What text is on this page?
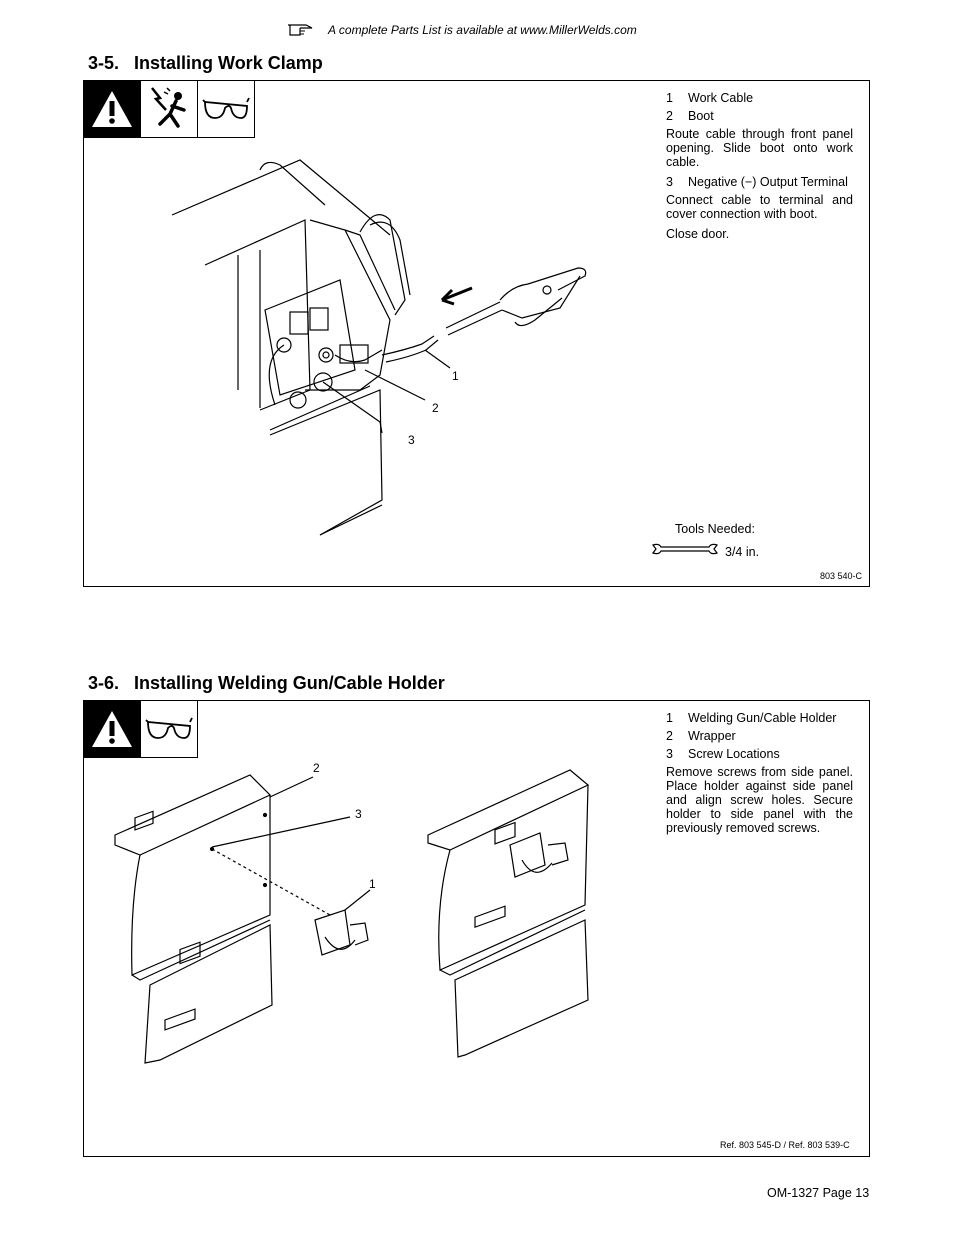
A complete Parts List is available at www.MillerWelds.com
3-5.   Installing Work Clamp
1
2
3
1	Work Cable
2	Boot

Route cable through front panel opening. Slide boot onto work cable.

3	Negative (−) Output Terminal

Connect cable to terminal and cover connection with boot.

Close door.

Tools Needed:
3/4 in.
803 540-C
3-6.   Installing Welding Gun/Cable Holder
2
3
1
1	Welding Gun/Cable Holder
2	Wrapper
3	Screw Locations

Remove screws from side panel. Place holder against side panel and align screw holes. Secure holder to side panel with the previously removed screws.

Ref. 803 545-D / Ref. 803 539-C
OM-1327 Page 13
